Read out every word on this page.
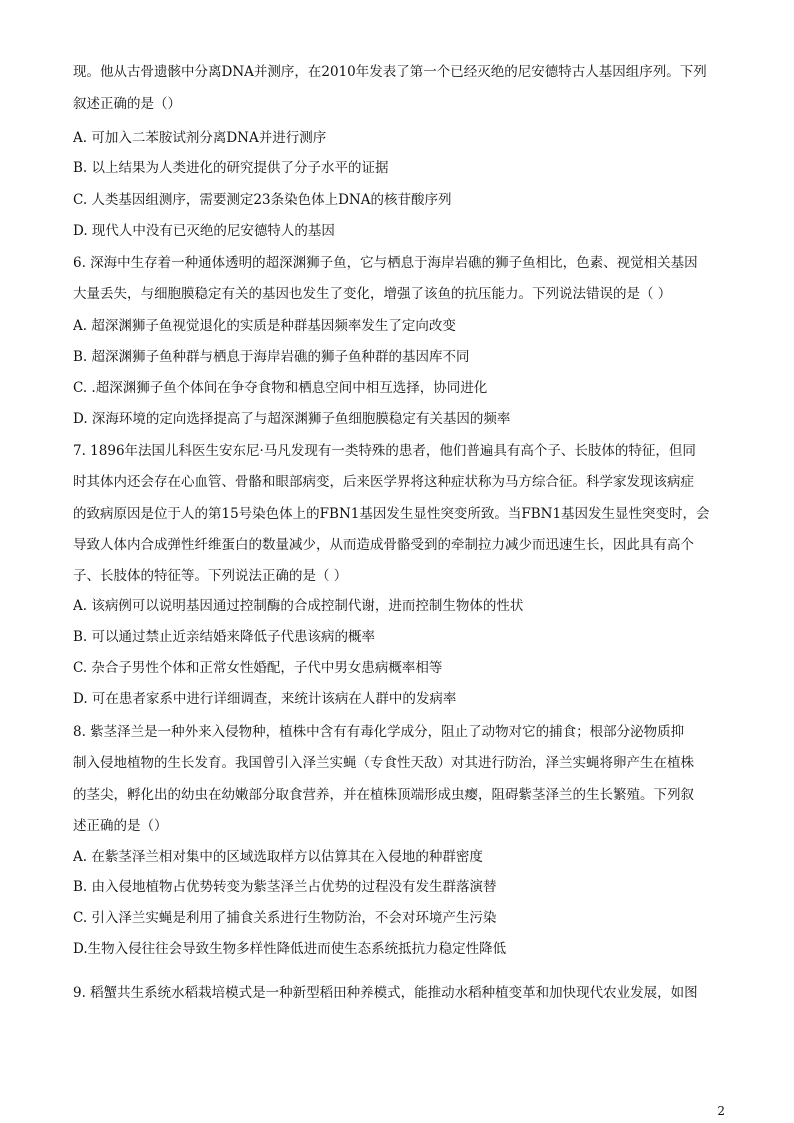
现。他从古骨遗骸中分离DNA并测序，在2010年发表了第一个已经灭绝的尼安德特古人基因组序列。下列
叙述正确的是（）
A. 可加入二苯胺试剂分离DNA并进行测序
B. 以上结果为人类进化的研究提供了分子水平的证据
C. 人类基因组测序，需要测定23条染色体上DNA的核苷酸序列
D. 现代人中没有已灭绝的尼安德特人的基因
6. 深海中生存着一种通体透明的超深渊狮子鱼，它与栖息于海岸岩礁的狮子鱼相比，色素、视觉相关基因
大量丢失，与细胞膜稳定有关的基因也发生了变化，增强了该鱼的抗压能力。下列说法错误的是（ ）
A. 超深渊狮子鱼视觉退化的实质是种群基因频率发生了定向改变
B. 超深渊狮子鱼种群与栖息于海岸岩礁的狮子鱼种群的基因库不同
C. .超深渊狮子鱼个体间在争夺食物和栖息空间中相互选择，协同进化
D. 深海环境的定向选择提高了与超深渊狮子鱼细胞膜稳定有关基因的频率
7. 1896年法国儿科医生安东尼·马凡发现有一类特殊的患者，他们普遍具有高个子、长肢体的特征，但同
时其体内还会存在心血管、骨骼和眼部病变，后来医学界将这种症状称为马方综合征。科学家发现该病症
的致病原因是位于人的第15号染色体上的FBN1基因发生显性突变所致。当FBN1基因发生显性突变时，会
导致人体内合成弹性纤维蛋白的数量减少，从而造成骨骼受到的牵制拉力减少而迅速生长，因此具有高个
子、长肢体的特征等。下列说法正确的是（ ）
A. 该病例可以说明基因通过控制酶的合成控制代谢，进而控制生物体的性状
B. 可以通过禁止近亲结婚来降低子代患该病的概率
C. 杂合子男性个体和正常女性婚配，子代中男女患病概率相等
D. 可在患者家系中进行详细调查，来统计该病在人群中的发病率
8. 紫茎泽兰是一种外来入侵物种，植株中含有有毒化学成分，阻止了动物对它的捕食；根部分泌物质抑
制入侵地植物的生长发育。我国曾引入泽兰实蝇（专食性天敌）对其进行防治，泽兰实蝇将卵产生在植株
的茎尖，孵化出的幼虫在幼嫩部分取食营养，并在植株顶端形成虫瘿，阻碍紫茎泽兰的生长繁殖。下列叙
述正确的是（）
A. 在紫茎泽兰相对集中的区域选取样方以估算其在入侵地的种群密度
B. 由入侵地植物占优势转变为紫茎泽兰占优势的过程没有发生群落演替
C. 引入泽兰实蝇是利用了捕食关系进行生物防治，不会对环境产生污染
D.生物入侵往往会导致生物多样性降低进而使生态系统抵抗力稳定性降低
9. 稻蟹共生系统水稻栽培模式是一种新型稻田种养模式，能推动水稻种植变革和加快现代农业发展，如图
2
